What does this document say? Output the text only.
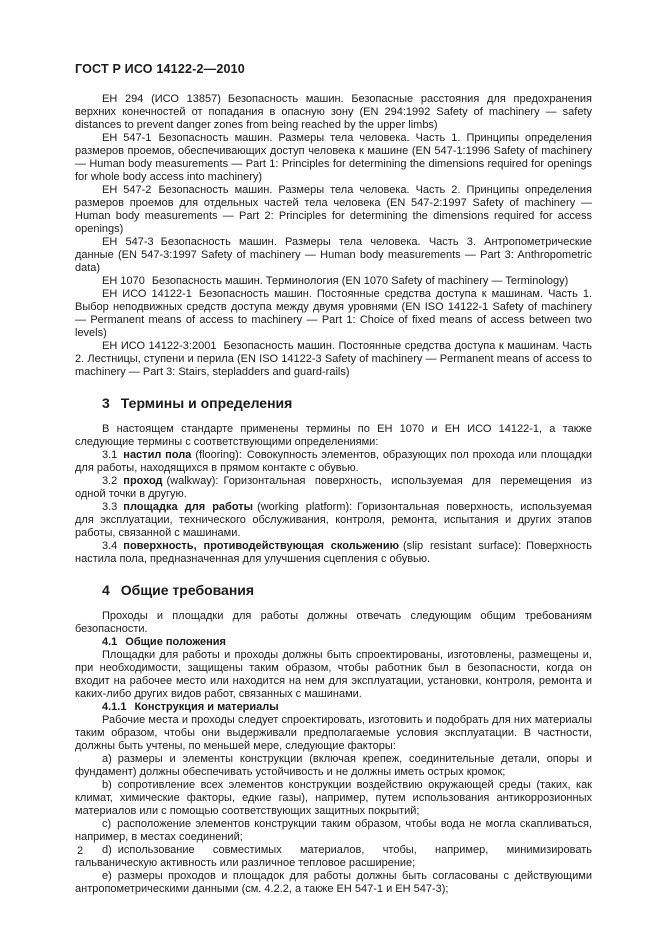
ГОСТ Р ИСО 14122-2—2010

ЕН 294 (ИСО 13857) Безопасность машин. Безопасные расстояния для предохранения верхних конечностей от попадания в опасную зону (EN 294:1992 Safety of machinery — safety distances to prevent danger zones from being reached by the upper limbs)

ЕН 547-1 Безопасность машин. Размеры тела человека. Часть 1. Принципы определения размеров проемов, обеспечивающих доступ человека к машине (EN 547-1:1996 Safety of machinery — Human body measurements — Part 1: Principles for determining the dimensions required for openings for whole body access into machinery)

ЕН 547-2 Безопасность машин. Размеры тела человека. Часть 2. Принципы определения размеров проемов для отдельных частей тела человека (EN 547-2:1997 Safety of machinery — Human body measurements — Part 2: Principles for determining the dimensions required for access openings)

ЕН 547-3 Безопасность машин. Размеры тела человека. Часть 3. Антропометрические данные (EN 547-3:1997 Safety of machinery — Human body measurements — Part 3: Anthropometric data)

ЕН 1070 Безопасность машин. Терминология (EN 1070 Safety of machinery — Terminology)

ЕН ИСО 14122-1 Безопасность машин. Постоянные средства доступа к машинам. Часть 1. Выбор неподвижных средств доступа между двумя уровнями (EN ISO 14122-1 Safety of machinery — Permanent means of access to machinery — Part 1: Choice of fixed means of access between two levels)

ЕН ИСО 14122-3:2001 Безопасность машин. Постоянные средства доступа к машинам. Часть 2. Лестницы, ступени и перила (EN ISO 14122-3 Safety of machinery — Permanent means of access to machinery — Part 3: Stairs, stepladders and guard-rails)

3 Термины и определения

В настоящем стандарте применены термины по ЕН 1070 и ЕН ИСО 14122-1, а также следующие термины с соответствующими определениями:

3.1 настил пола (flooring): Совокупность элементов, образующих пол прохода или площадки для работы, находящихся в прямом контакте с обувью.

3.2 проход (walkway): Горизонтальная поверхность, используемая для перемещения из одной точки в другую.

3.3 площадка для работы (working platform): Горизонтальная поверхность, используемая для эксплуатации, технического обслуживания, контроля, ремонта, испытания и других этапов работы, связанной с машинами.

3.4 поверхность, противодействующая скольжению (slip resistant surface): Поверхность настила пола, предназначенная для улучшения сцепления с обувью.

4 Общие требования

Проходы и площадки для работы должны отвечать следующим общим требованиям безопасности.

4.1 Общие положения

Площадки для работы и проходы должны быть спроектированы, изготовлены, размещены и, при необходимости, защищены таким образом, чтобы работник был в безопасности, когда он входит на рабочее место или находится на нем для эксплуатации, установки, контроля, ремонта и каких-либо других видов работ, связанных с машинами.

4.1.1 Конструкция и материалы

Рабочие места и проходы следует спроектировать, изготовить и подобрать для них материалы таким образом, чтобы они выдерживали предполагаемые условия эксплуатации. В частности, должны быть учтены, по меньшей мере, следующие факторы:

a) размеры и элементы конструкции (включая крепеж, соединительные детали, опоры и фундамент) должны обеспечивать устойчивость и не должны иметь острых кромок;

b) сопротивление всех элементов конструкции воздействию окружающей среды (таких, как климат, химические факторы, едкие газы), например, путем использования антикоррозионных материалов или с помощью соответствующих защитных покрытий;

c) расположение элементов конструкции таким образом, чтобы вода не могла скапливаться, например, в местах соединений;

d) использование совместимых материалов, чтобы, например, минимизировать гальваническую активность или различное тепловое расширение;

e) размеры проходов и площадок для работы должны быть согласованы с действующими антропометрическими данными (см. 4.2.2, а также ЕН 547-1 и ЕН 547-3);

2
